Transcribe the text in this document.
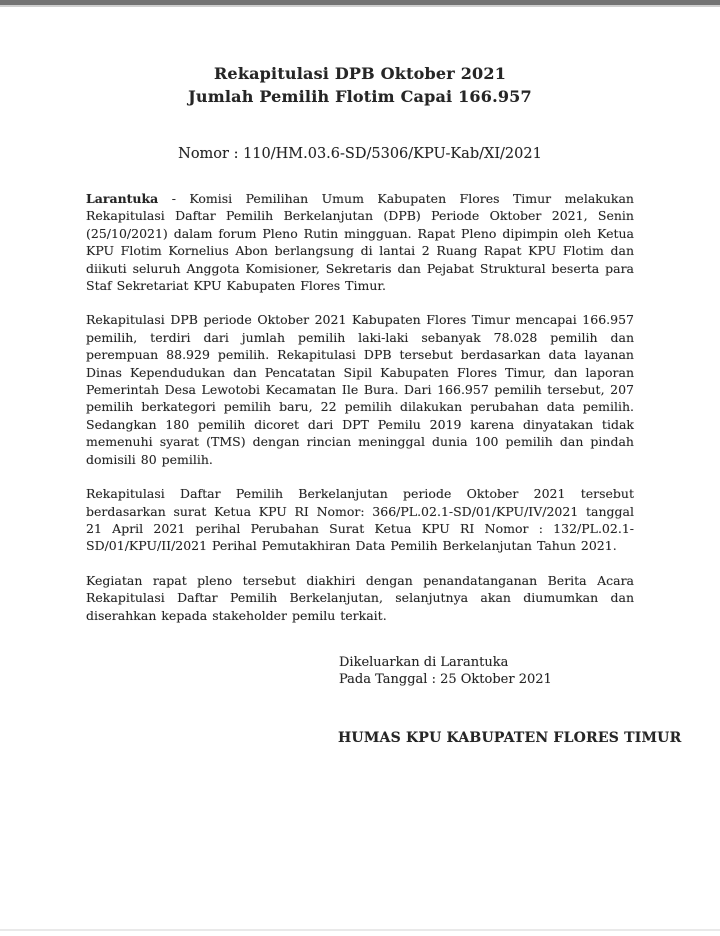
Rekapitulasi DPB Oktober 2021
Jumlah Pemilih Flotim Capai 166.957
Nomor : 110/HM.03.6-SD/5306/KPU-Kab/XI/2021

Larantuka - Komisi Pemilihan Umum Kabupaten Flores Timur melakukan Rekapitulasi Daftar Pemilih Berkelanjutan (DPB) Periode Oktober 2021, Senin (25/10/2021) dalam forum Pleno Rutin mingguan. Rapat Pleno dipimpin oleh Ketua KPU Flotim Kornelius Abon berlangsung di lantai 2 Ruang Rapat KPU Flotim dan diikuti seluruh Anggota Komisioner, Sekretaris dan Pejabat Struktural beserta para Staf Sekretariat KPU Kabupaten Flores Timur.

Rekapitulasi DPB periode Oktober 2021 Kabupaten Flores Timur mencapai 166.957 pemilih, terdiri dari jumlah pemilih laki-laki sebanyak 78.028 pemilih dan perempuan 88.929 pemilih. Rekapitulasi DPB tersebut berdasarkan data layanan Dinas Kependudukan dan Pencatatan Sipil Kabupaten Flores Timur, dan laporan Pemerintah Desa Lewotobi Kecamatan Ile Bura. Dari 166.957 pemilih tersebut, 207 pemilih berkategori pemilih baru, 22 pemilih dilakukan perubahan data pemilih. Sedangkan 180 pemilih dicoret dari DPT Pemilu 2019 karena dinyatakan tidak memenuhi syarat (TMS) dengan rincian meninggal dunia 100 pemilih dan pindah domisili 80 pemilih.

Rekapitulasi Daftar Pemilih Berkelanjutan periode Oktober 2021 tersebut berdasarkan surat Ketua KPU RI Nomor: 366/PL.02.1-SD/01/KPU/IV/2021 tanggal 21 April 2021 perihal Perubahan Surat Ketua KPU RI Nomor : 132/PL.02.1-SD/01/KPU/II/2021 Perihal Pemutakhiran Data Pemilih Berkelanjutan Tahun 2021.

Kegiatan rapat pleno tersebut diakhiri dengan penandatanganan Berita Acara Rekapitulasi Daftar Pemilih Berkelanjutan, selanjutnya akan diumumkan dan diserahkan kepada stakeholder pemilu terkait.

Dikeluarkan di Larantuka
Pada Tanggal : 25 Oktober 2021
HUMAS KPU KABUPATEN FLORES TIMUR
